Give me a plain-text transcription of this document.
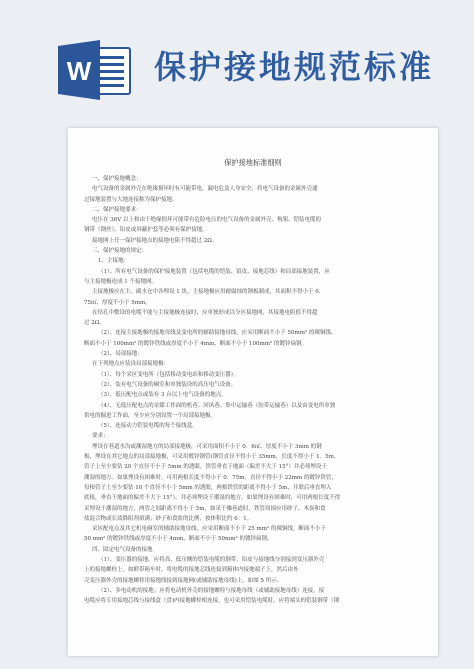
W 保护接地规范标准
保护接地标准细则
一、保护接地概念：
电气设备的金属外壳在绝缘损坏时有可能带电，漏电危及人身安全，将电气设备的金属外壳通
过接地装置与大地连接称为保护接地。
二、保护接地要求：
电压在 36V 以上和由于绝缘损坏可能带有危险电压的电气设备的金属外壳、构架、铠装电缆的
钢带（钢丝）、铅皮或屏蔽护套等必须有保护接地。
接地网上任一保护接地点的接地电阻不得超过 2Ω。
三、保护接地的规定：
1、主接地：
（1）、所有电气设备的保护接地装置（包括电缆的铠装、铅皮、接地芯线）和局部接地装置，应
与主接地极连成 1 个接地网。
主接地极应在主、副水仓中各埋设 1 块，主接地极应用耐腐蚀的钢板制成，其面积不得小于 0.
75㎡、厚度不小于 5mm。
在钻孔中敷设的电缆不能与主接地极连接时，应单独形成以分区接地网，其接地电阻值不得超
过 2Ω。
（2）、连接主接地极的接地母线及变电所的辅助接地母线，应采用断面不小于 50mm² 的裸铜线、
断面不小于 100mm² 的镀锌铁线或厚度不小于 4mm、断面不小于 100mm² 的镀锌扁钢。
（2）、局部接地：
在下列地点应装设局部接地极：
（1）、每个采区变电所（包括移动变电站和移动变压器）。
（2）、装有电气设备的硐室和单独装设的高压电气设备。
（3）、低压配电点或装有 3 台以上电气设备的地点。
（4）、无低压配电点的采煤工作面的机巷、回风巷、集中运输巷（胶带运输巷）以及由变电所单独
供电的掘进工作面，至少应分别设置一个局部接地极。
（5）、连接动力铠装电缆的每个接线盒。
要求：
埋设在巷道水沟或潮湿地方的局部接地极，可采用面积不小于 0．6㎡、厚度不小于 3mm 的钢
板，埋设在其它地点的局部接地极，可采用镀锌钢管(钢管直径不得小于 35mm，长度不得小于 1．5m。
管子上至少要钻 20 个直径不小于 5mm 的透眼，铁管垂直于地面（偏差不大于 15°）并必须埋设于
潮湿的地方。如果埋设有困难时，可用两根长度不得小于 0．75m、直径不得小于 22mm 的镀锌铁管，
每根管子上至少要钻 10 个直径不小于 5mm 的透眼，两根铁管的距离不得小于 5m，并联后垂直埋入
底板，垂直于地面的偏差不大于 15°）。并必须埋设于潮湿的地方。如果埋设有困难时，可用两根长度不得
采埋设于潮湿的地方，两管之间距离不得小于 5m，如采干燥巷道时，铁管周围应用砂子、木炭和食
盐混合物或长效降阻剂填满；砂子和食盐的比例，按体积比约 6：1。
采区配电点及其它机电硐室的辅助接地母线，应采用断面不小于 25 mm² 的裸铜线，断面不小于
50 mm² 的镀锌铁线或厚度不小于 4mm、断面不小于 50mm² 的镀锌扁钢。
四、固定电气设备的接地
（1）、变压器的接地。应将高、低压侧的铠装电缆的钢带、铅皮与接地线分别接到变压器外壳
上的接地螺栓上，如附带箱车时，将电缆的接地芯线连接到箱体内接地端子上，然后由外
壳变压器外壳的接地螺栓用接地线接到接地网(或辅助接地母线)上，如图 5 所示。
（2）、多电动机的接地。应将电动机外壳的接地螺栓与接地母线（或辅助接地母线）连接，接
电缆应将专用接地芯线与接线盒（盘)内接地螺栓相连接，也可采用铠装电缆时，应将端头的铠装钢带（钢
